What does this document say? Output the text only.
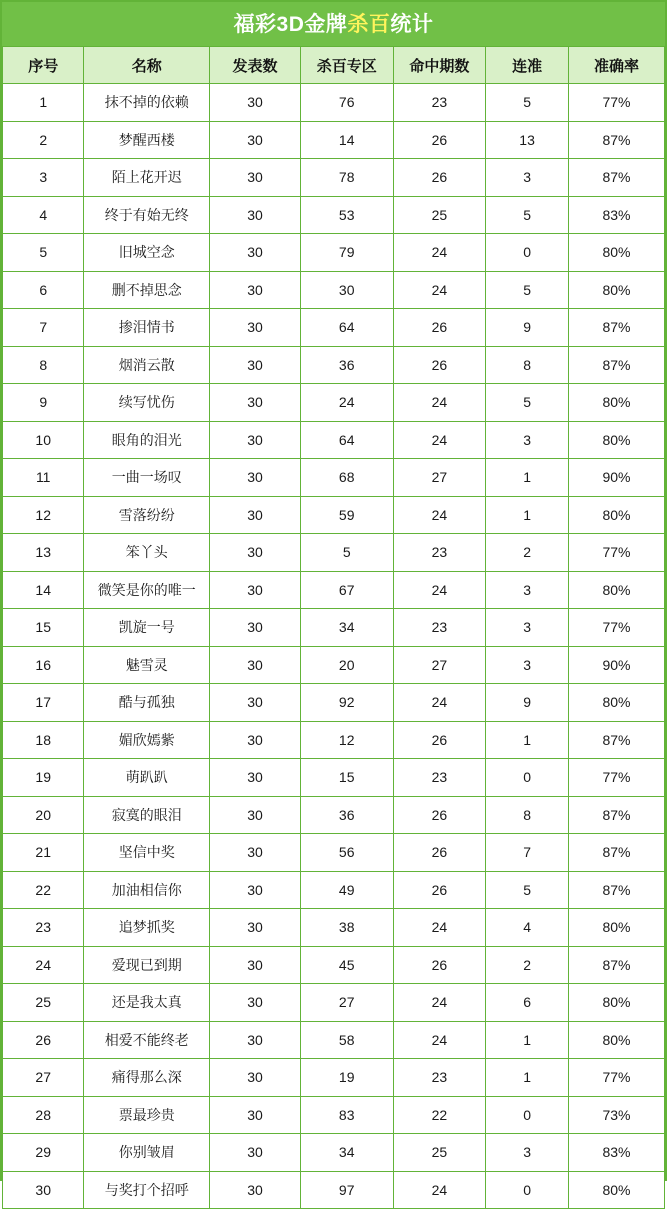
福彩3D金牌杀百统计
序号	名称	发表数	杀百专区	命中期数	连准	准确率
1	抹不掉的依赖	30	76	23	5	77%
2	梦醒西楼	30	14	26	13	87%
3	陌上花开迟	30	78	26	3	87%
4	终于有始无终	30	53	25	5	83%
5	旧城空念	30	79	24	0	80%
6	删不掉思念	30	30	24	5	80%
7	掺泪情书	30	64	26	9	87%
8	烟消云散	30	36	26	8	87%
9	续写忧伤	30	24	24	5	80%
10	眼角的泪光	30	64	24	3	80%
11	一曲一场叹	30	68	27	1	90%
12	雪落纷纷	30	59	24	1	80%
13	笨丫头	30	5	23	2	77%
14	微笑是你的唯一	30	67	24	3	80%
15	凯旋一号	30	34	23	3	77%
16	魅雪灵	30	20	27	3	90%
17	酷与孤独	30	92	24	9	80%
18	媚欣嫣紫	30	12	26	1	87%
19	萌趴趴	30	15	23	0	77%
20	寂寞的眼泪	30	36	26	8	87%
21	坚信中奖	30	56	26	7	87%
22	加油相信你	30	49	26	5	87%
23	追梦抓奖	30	38	24	4	80%
24	爱现已到期	30	45	26	2	87%
25	还是我太真	30	27	24	6	80%
26	相爱不能终老	30	58	24	1	80%
27	痛得那么深	30	19	23	1	77%
28	票最珍贵	30	83	22	0	73%
29	你别皱眉	30	34	25	3	83%
30	与奖打个招呼	30	97	24	0	80%
